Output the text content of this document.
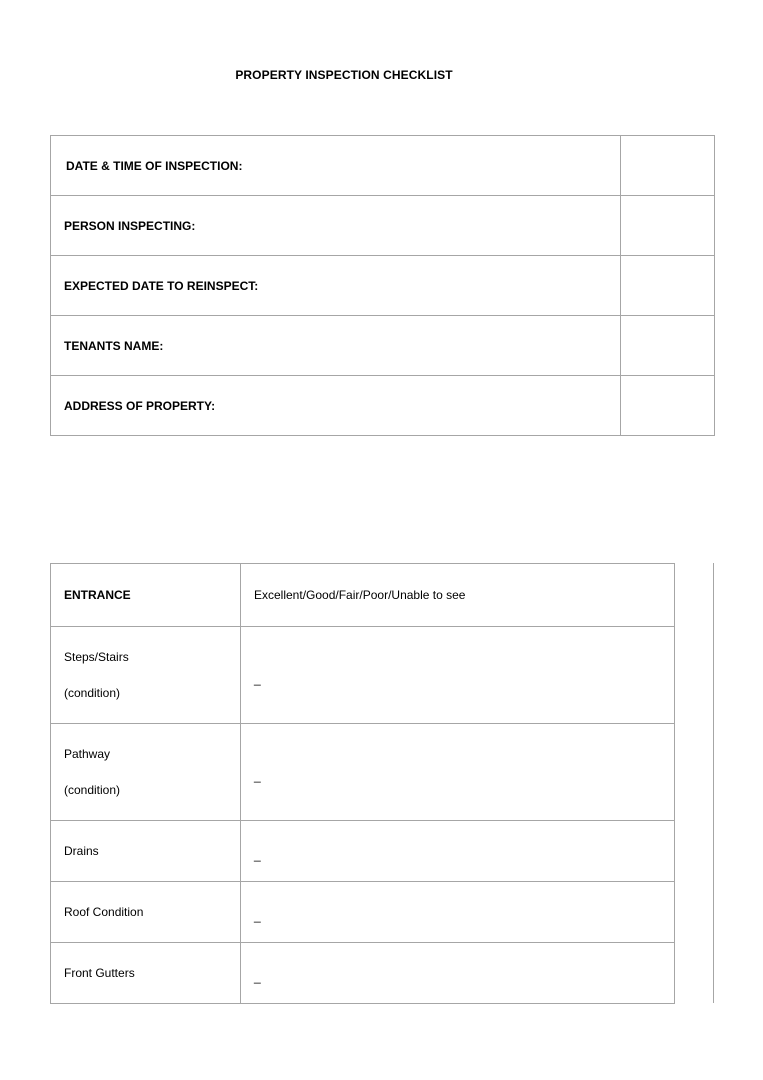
PROPERTY INSPECTION CHECKLIST
DATE & TIME OF INSPECTION:	
PERSON INSPECTING:	
EXPECTED DATE TO REINSPECT:	
TENANTS NAME:	
ADDRESS OF PROPERTY:	
ENTRANCE	Excellent/Good/Fair/Poor/Unable to see

Steps/Stairs
(condition)	_

Pathway
(condition)	_
Drains	_
Roof Condition	_
Front Gutters	_
